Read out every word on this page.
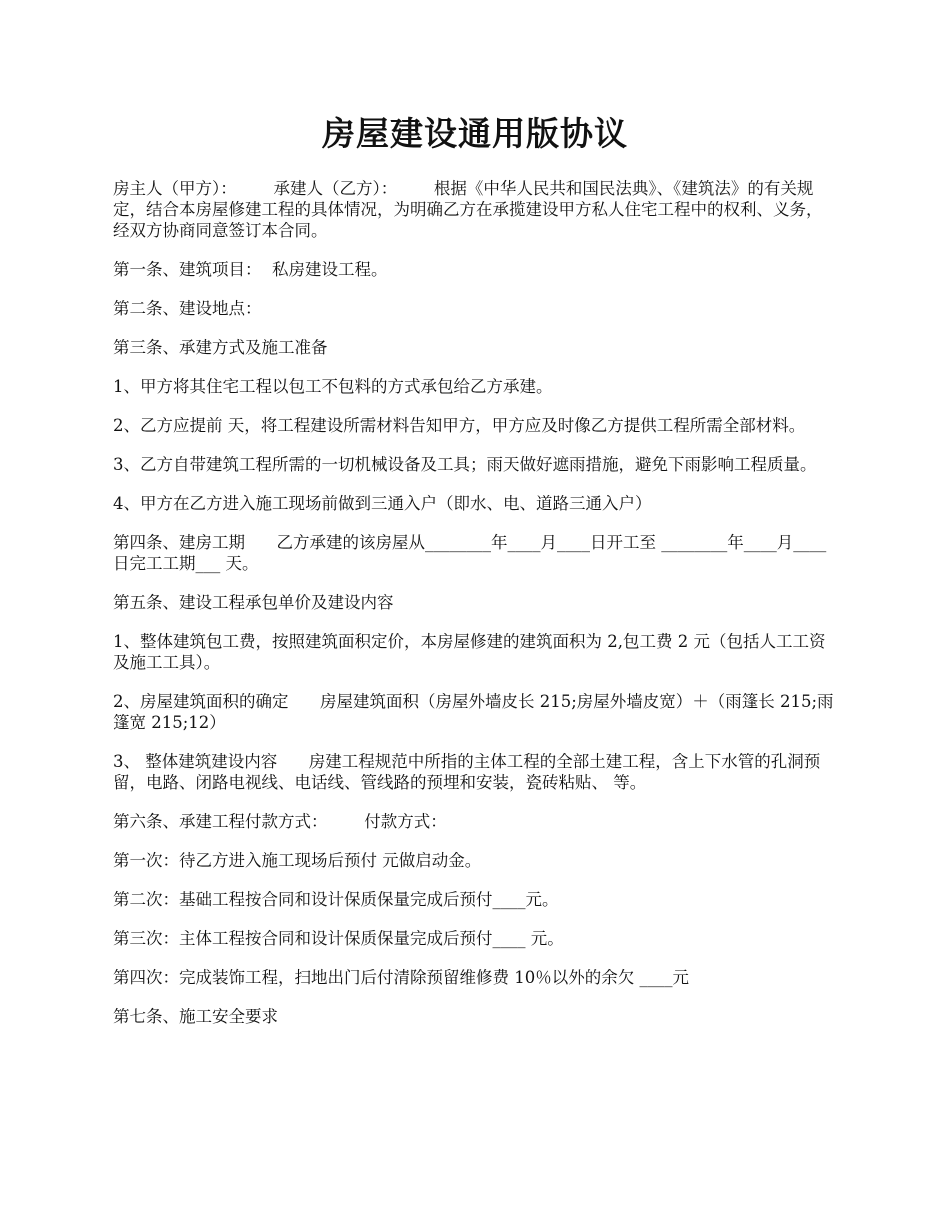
房屋建设通用版协议

房主人（甲方）：       承建人（乙方）：       根据《中华人民共和国民法典》、《建筑法》的有关规定，结合本房屋修建工程的具体情况，为明确乙方在承揽建设甲方私人住宅工程中的权利、义务，经双方协商同意签订本合同。

第一条、建筑项目：  私房建设工程。

第二条、建设地点：

第三条、承建方式及施工准备

1、甲方将其住宅工程以包工不包料的方式承包给乙方承建。

2、乙方应提前 天，将工程建设所需材料告知甲方，甲方应及时像乙方提供工程所需全部材料。

3、乙方自带建筑工程所需的一切机械设备及工具；雨天做好遮雨措施，避免下雨影响工程质量。

4、甲方在乙方进入施工现场前做到三通入户（即水、电、道路三通入户）

第四条、建房工期      乙方承建的该房屋从________年____月____日开工至 ________年____月____日完工工期___ 天。

第五条、建设工程承包单价及建设内容

1、整体建筑包工费，按照建筑面积定价，本房屋修建的建筑面积为 2,包工费 2 元（包括人工工资及施工工具）。

2、房屋建筑面积的确定      房屋建筑面积（房屋外墙皮长 215;房屋外墙皮宽）＋（雨篷长 215;雨篷宽 215;12）

3、 整体建筑建设内容      房建工程规范中所指的主体工程的全部土建工程，含上下水管的孔洞预留，电路、闭路电视线、电话线、管线路的预埋和安装，瓷砖粘贴、 等。

第六条、承建工程付款方式：       付款方式：

第一次：待乙方进入施工现场后预付 元做启动金。

第二次：基础工程按合同和设计保质保量完成后预付____元。

第三次：主体工程按合同和设计保质保量完成后预付____ 元。

第四次：完成装饰工程，扫地出门后付清除预留维修费 10％以外的余欠 ____元

第七条、施工安全要求
